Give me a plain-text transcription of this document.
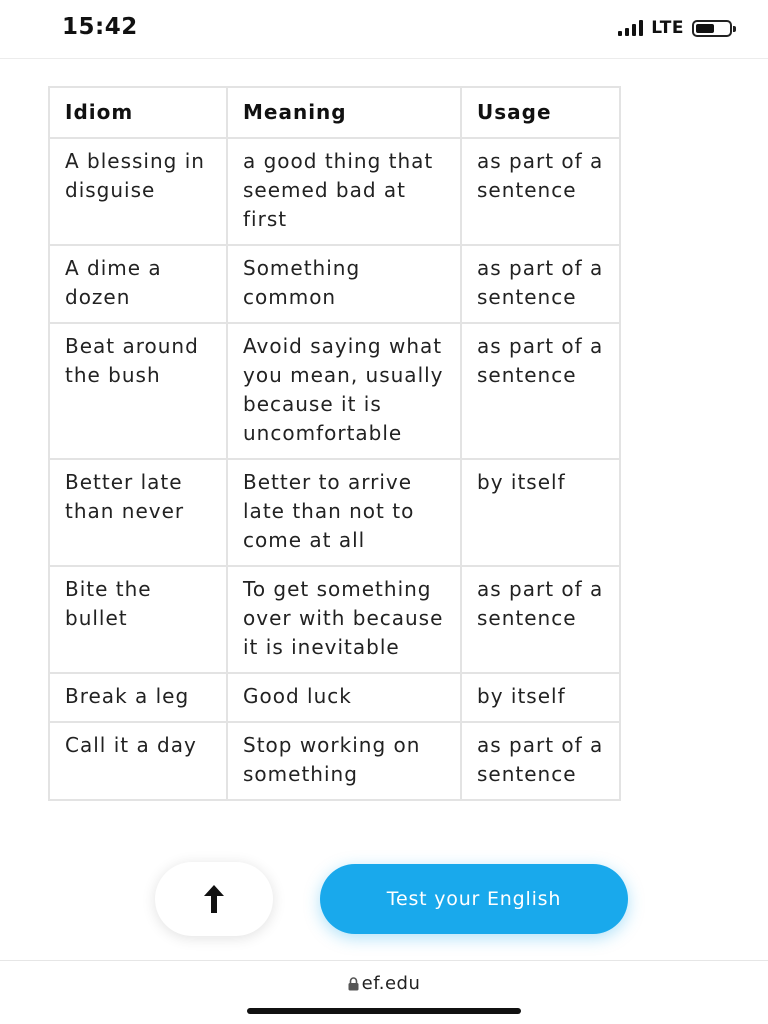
15:42	LTE
Idiom	Meaning	Usage
A blessing in disguise	a good thing that seemed bad at first	as part of a sentence
A dime a dozen	Something common	as part of a sentence
Beat around the bush	Avoid saying what you mean, usually because it is uncomfortable	as part of a sentence
Better late than never	Better to arrive late than not to come at all	by itself
Bite the bullet	To get something over with because it is inevitable	as part of a sentence
Break a leg	Good luck	by itself
Call it a day	Stop working on something	as part of a sentence
Test your English
ef.edu
